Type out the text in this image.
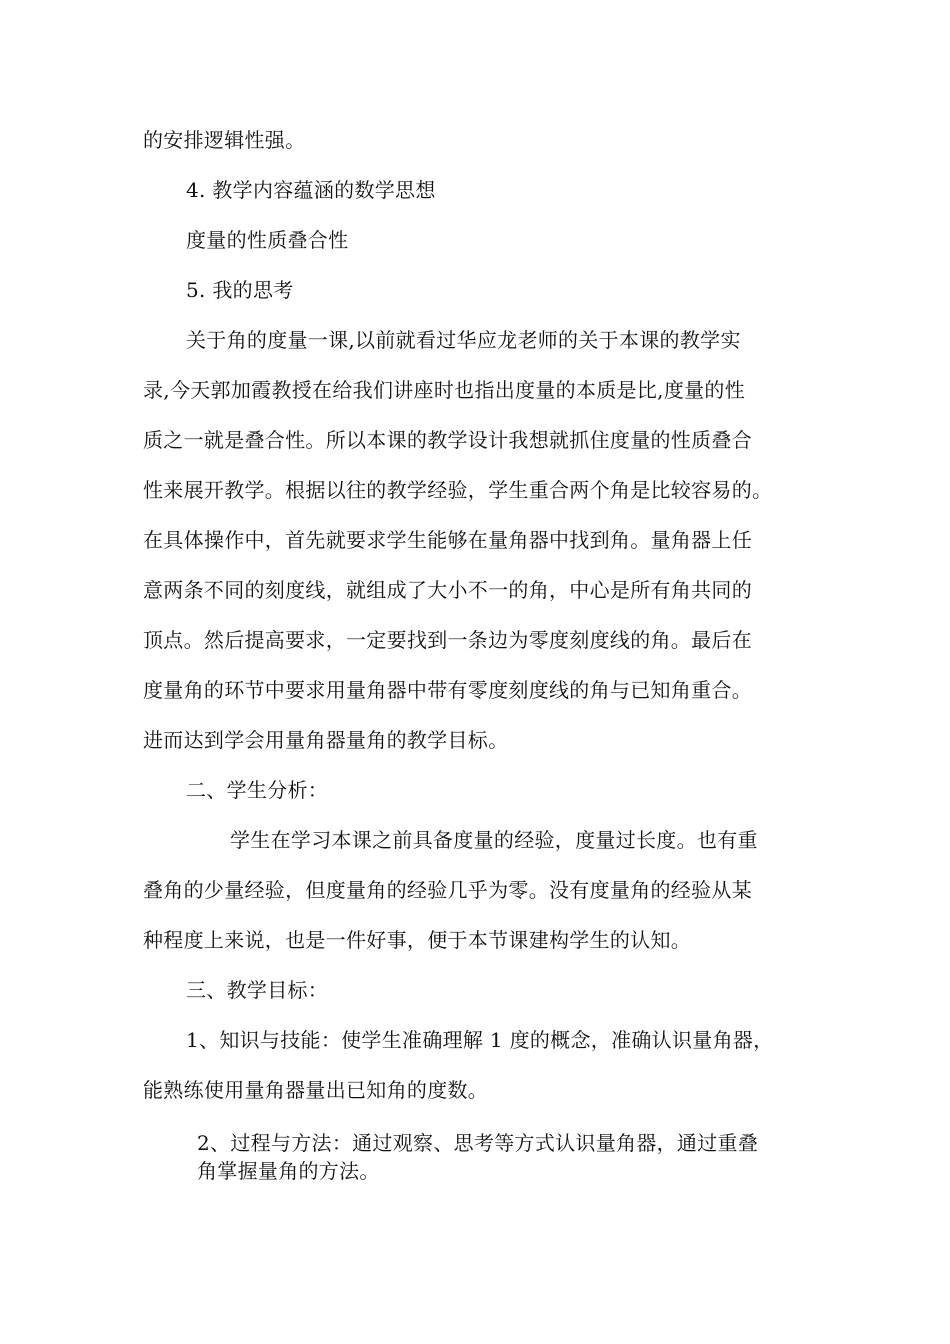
的安排逻辑性强。
4. 教学内容蕴涵的数学思想
度量的性质叠合性
5. 我的思考
关于角的度量一课,以前就看过华应龙老师的关于本课的教学实
录,今天郭加霞教授在给我们讲座时也指出度量的本质是比,度量的性
质之一就是叠合性。所以本课的教学设计我想就抓住度量的性质叠合
性来展开教学。根据以往的教学经验，学生重合两个角是比较容易的。
在具体操作中，首先就要求学生能够在量角器中找到角。量角器上任
意两条不同的刻度线，就组成了大小不一的角，中心是所有角共同的
顶点。然后提高要求，一定要找到一条边为零度刻度线的角。最后在
度量角的环节中要求用量角器中带有零度刻度线的角与已知角重合。
进而达到学会用量角器量角的教学目标。
二、学生分析：
学生在学习本课之前具备度量的经验，度量过长度。也有重
叠角的少量经验，但度量角的经验几乎为零。没有度量角的经验从某
种程度上来说，也是一件好事，便于本节课建构学生的认知。
三、教学目标：
1、知识与技能：使学生准确理解 1 度的概念，准确认识量角器，
能熟练使用量角器量出已知角的度数。
2、过程与方法：通过观察、思考等方式认识量角器，通过重叠
角掌握量角的方法。
